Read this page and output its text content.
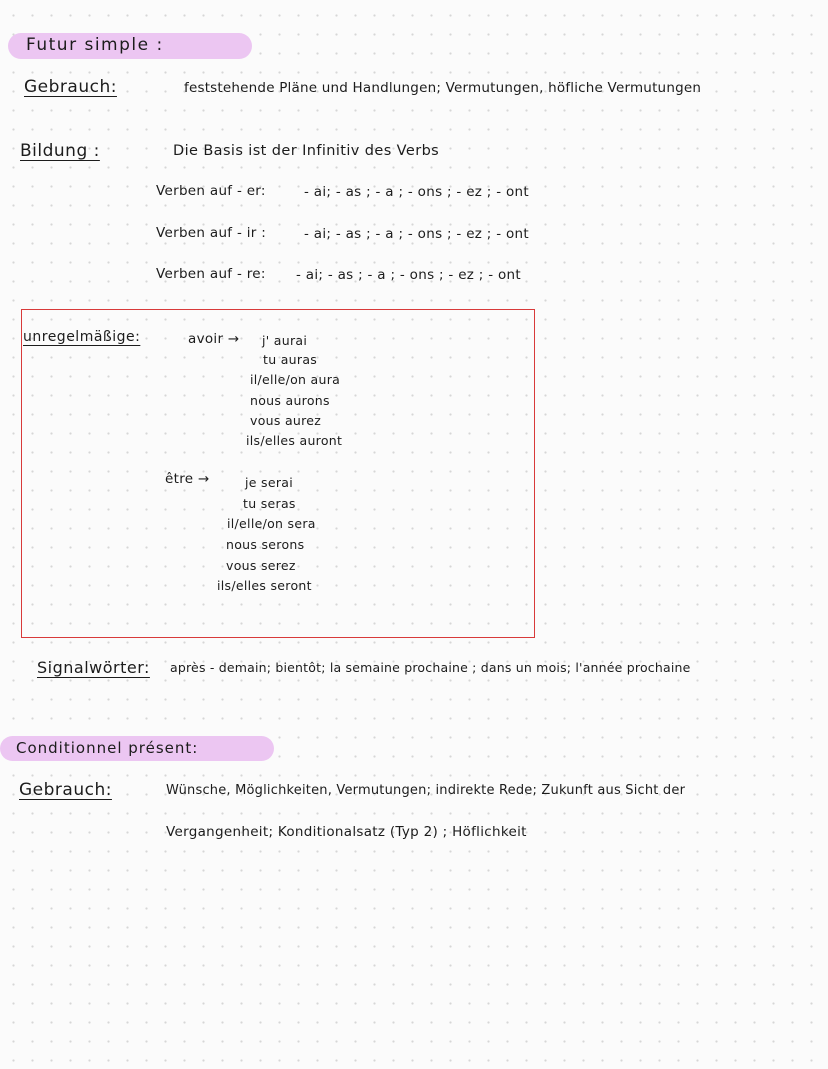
Futur simple :
Gebrauch:	feststehende Pläne und Handlungen; Vermutungen, höfliche Vermutungen
Bildung :	Die Basis ist der Infinitiv des Verbs
Verben auf - er:	- ai; - as ; - a ; - ons ; - ez ; - ont
Verben auf - ir :	- ai; - as ; - a ; - ons ; - ez ; - ont
Verben auf - re: - ai; - as ; - a ; - ons ; - ez ; - ont
unregelmäßige:	avoir → j' aurai
tu auras
il/elle/on aura
nous aurons
vous aurez
ils/elles auront
être →	je serai
tu seras
il/elle/on sera
nous serons
vous serez
ils/elles seront
Signalwörter: après - demain; bientôt; la semaine prochaine ; dans un mois; l'année prochaine
Conditionnel présent:
Gebrauch:	Wünsche, Möglichkeiten, Vermutungen; indirekte Rede; Zukunft aus Sicht der
Vergangenheit; Konditionalsatz (Typ 2) ; Höflichkeit
